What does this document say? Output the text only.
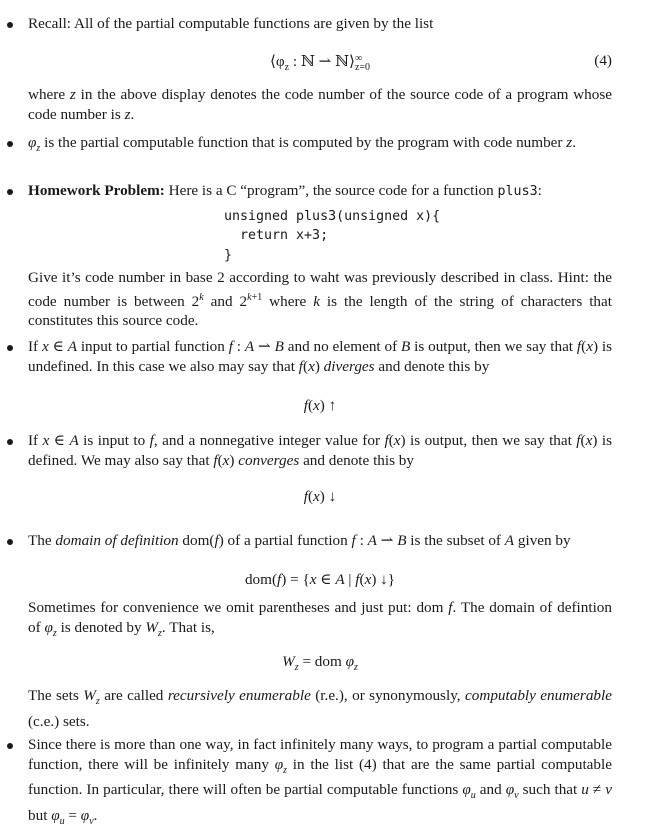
Recall: All of the partial computable functions are given by the list
$⟨\varphi_z$ : ℕ ⇀ ℕ⟩ ∞
z=0	(4)
where z in the above display denotes the code number of the source code of a program whose code number is z.
$\varphi_z$ is the partial computable function that is computed by the program with code number z.
Homework Problem: Here is a C “program”, the source code for a function plus3:
unsigned plus3(unsigned x){
return x+3;
}
Give it’s code number in base 2 according to waht was previously described in class. Hint: the code number is between 2$^k$ and $2^{k+1}$ where k is the length of the string of characters that constitutes this source code.
If x ∈ A input to partial function f : A ⇀ B and no element of B is output, then we say that f(x) is undefined. In this case we also may say that f(x) diverges and denote this by
f(x) ↑
If x ∈ A is input to f, and a nonnegative integer value for f(x) is output, then we say that f(x) is defined. We may also say that f(x) converges and denote this by
f(x) ↓
The domain of definition dom(f) of a partial function f : A ⇀ B is the subset of A given by
dom(f) = {x ∈ A | f(x) ↓}
Sometimes for convenience we omit parentheses and just put: dom f. The domain of defintion of $\varphi_z$ is denoted by $W_z$. That is,
$W_z$ = dom $\varphi_z$
The sets $W_z$ are called recursively enumerable (r.e.), or synonymously, computably enumerable (c.e.) sets.
Since there is more than one way, in fact infinitely many ways, to program a partial computable function, there will be infinitely many $\varphi_z$ in the list (4) that are the same partial computable function. In particular, there will often be partial computable functions $\varphi_u$ and $\varphi_v$ such that u ≠ v but $\varphi_u = \varphi_v$.
